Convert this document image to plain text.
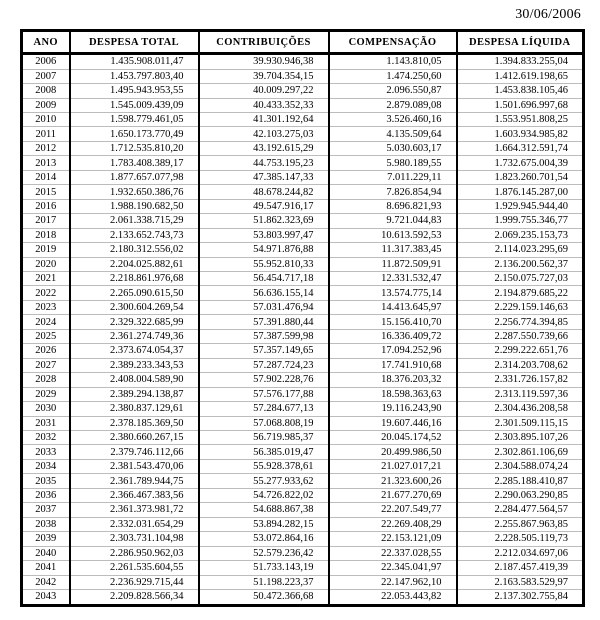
30/06/2006
ANO	DESPESA TOTAL	CONTRIBUIÇÕES	COMPENSAÇÃO	DESPESA LÍQUIDA
2006	1.435.908.011,47	39.930.946,38	1.143.810,05	1.394.833.255,04
2007	1.453.797.803,40	39.704.354,15	1.474.250,60	1.412.619.198,65
2008	1.495.943.953,55	40.009.297,22	2.096.550,87	1.453.838.105,46
2009	1.545.009.439,09	40.433.352,33	2.879.089,08	1.501.696.997,68
2010	1.598.779.461,05	41.301.192,64	3.526.460,16	1.553.951.808,25
2011	1.650.173.770,49	42.103.275,03	4.135.509,64	1.603.934.985,82
2012	1.712.535.810,20	43.192.615,29	5.030.603,17	1.664.312.591,74
2013	1.783.408.389,17	44.753.195,23	5.980.189,55	1.732.675.004,39
2014	1.877.657.077,98	47.385.147,33	7.011.229,11	1.823.260.701,54
2015	1.932.650.386,76	48.678.244,82	7.826.854,94	1.876.145.287,00
2016	1.988.190.682,50	49.547.916,17	8.696.821,93	1.929.945.944,40
2017	2.061.338.715,29	51.862.323,69	9.721.044,83	1.999.755.346,77
2018	2.133.652.743,73	53.803.997,47	10.613.592,53	2.069.235.153,73
2019	2.180.312.556,02	54.971.876,88	11.317.383,45	2.114.023.295,69
2020	2.204.025.882,61	55.952.810,33	11.872.509,91	2.136.200.562,37
2021	2.218.861.976,68	56.454.717,18	12.331.532,47	2.150.075.727,03
2022	2.265.090.615,50	56.636.155,14	13.574.775,14	2.194.879.685,22
2023	2.300.604.269,54	57.031.476,94	14.413.645,97	2.229.159.146,63
2024	2.329.322.685,99	57.391.880,44	15.156.410,70	2.256.774.394,85
2025	2.361.274.749,36	57.387.599,98	16.336.409,72	2.287.550.739,66
2026	2.373.674.054,37	57.357.149,65	17.094.252,96	2.299.222.651,76
2027	2.389.233.343,53	57.287.724,23	17.741.910,68	2.314.203.708,62
2028	2.408.004.589,90	57.902.228,76	18.376.203,32	2.331.726.157,82
2029	2.389.294.138,87	57.576.177,88	18.598.363,63	2.313.119.597,36
2030	2.380.837.129,61	57.284.677,13	19.116.243,90	2.304.436.208,58
2031	2.378.185.369,50	57.068.808,19	19.607.446,16	2.301.509.115,15
2032	2.380.660.267,15	56.719.985,37	20.045.174,52	2.303.895.107,26
2033	2.379.746.112,66	56.385.019,47	20.499.986,50	2.302.861.106,69
2034	2.381.543.470,06	55.928.378,61	21.027.017,21	2.304.588.074,24
2035	2.361.789.944,75	55.277.933,62	21.323.600,26	2.285.188.410,87
2036	2.366.467.383,56	54.726.822,02	21.677.270,69	2.290.063.290,85
2037	2.361.373.981,72	54.688.867,38	22.207.549,77	2.284.477.564,57
2038	2.332.031.654,29	53.894.282,15	22.269.408,29	2.255.867.963,85
2039	2.303.731.104,98	53.072.864,16	22.153.121,09	2.228.505.119,73
2040	2.286.950.962,03	52.579.236,42	22.337.028,55	2.212.034.697,06
2041	2.261.535.604,55	51.733.143,19	22.345.041,97	2.187.457.419,39
2042	2.236.929.715,44	51.198.223,37	22.147.962,10	2.163.583.529,97
2043	2.209.828.566,34	50.472.366,68	22.053.443,82	2.137.302.755,84
